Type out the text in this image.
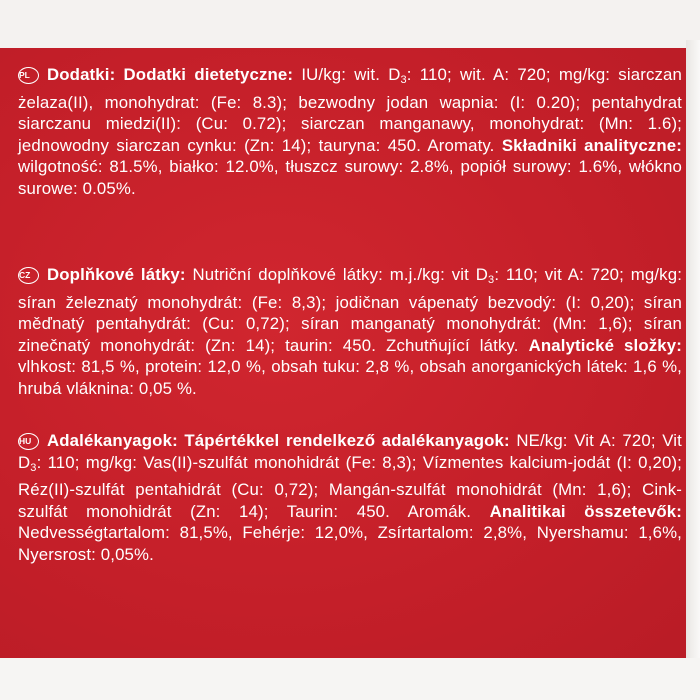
PL Dodatki: Dodatki dietetyczne: IU/kg: wit. $D_3$: 110; wit. A: 720; mg/kg: siarczan żelaza(II), monohydrat: (Fe: 8.3); bezwodny jodan wapnia: (I: 0.20); pentahydrat siarczanu miedzi(II): (Cu: 0.72); siarczan manganawy, monohydrat: (Mn: 1.6); jednowodny siarczan cynku: (Zn: 14); tauryna: 450. Aromaty. Składniki analityczne: wilgotność: 81.5%, białko: 12.0%, tłuszcz surowy: 2.8%, popiół surowy: 1.6%, włókno surowe: 0.05%.
CZ Doplňkové látky: Nutriční doplňkové látky: m.j./kg: vit $D_3$: 110; vit A: 720; mg/kg: síran železnatý monohydrát: (Fe: 8,3); jodičnan vápenatý bezvodý: (I: 0,20); síran měďnatý pentahydrát: (Cu: 0,72); síran manganatý monohydrát: (Mn: 1,6); síran zinečnatý monohydrát: (Zn: 14); taurin: 450. Zchutňující látky. Analytické složky: vlhkost: 81,5 %, protein: 12,0 %, obsah tuku: 2,8 %, obsah anorganických látek: 1,6 %, hrubá vláknina: 0,05 %.
HU Adalékanyagok: Tápértékkel rendelkező adalékanyagok: NE/kg: Vit A: 720; Vit $D_3$: 110; mg/kg: Vas(II)-szulfát monohidrát (Fe: 8,3); Vízmentes kalcium-jodát (I: 0,20); Réz(II)-szulfát pentahidrát (Cu: 0,72); Mangán-szulfát monohidrát (Mn: 1,6); Cink-szulfát monohidrát (Zn: 14); Taurin: 450. Aromák. Analitikai összetevők: Nedvességtartalom: 81,5%, Fehérje: 12,0%, Zsírtartalom: 2,8%, Nyershamu: 1,6%, Nyersrost: 0,05%.
